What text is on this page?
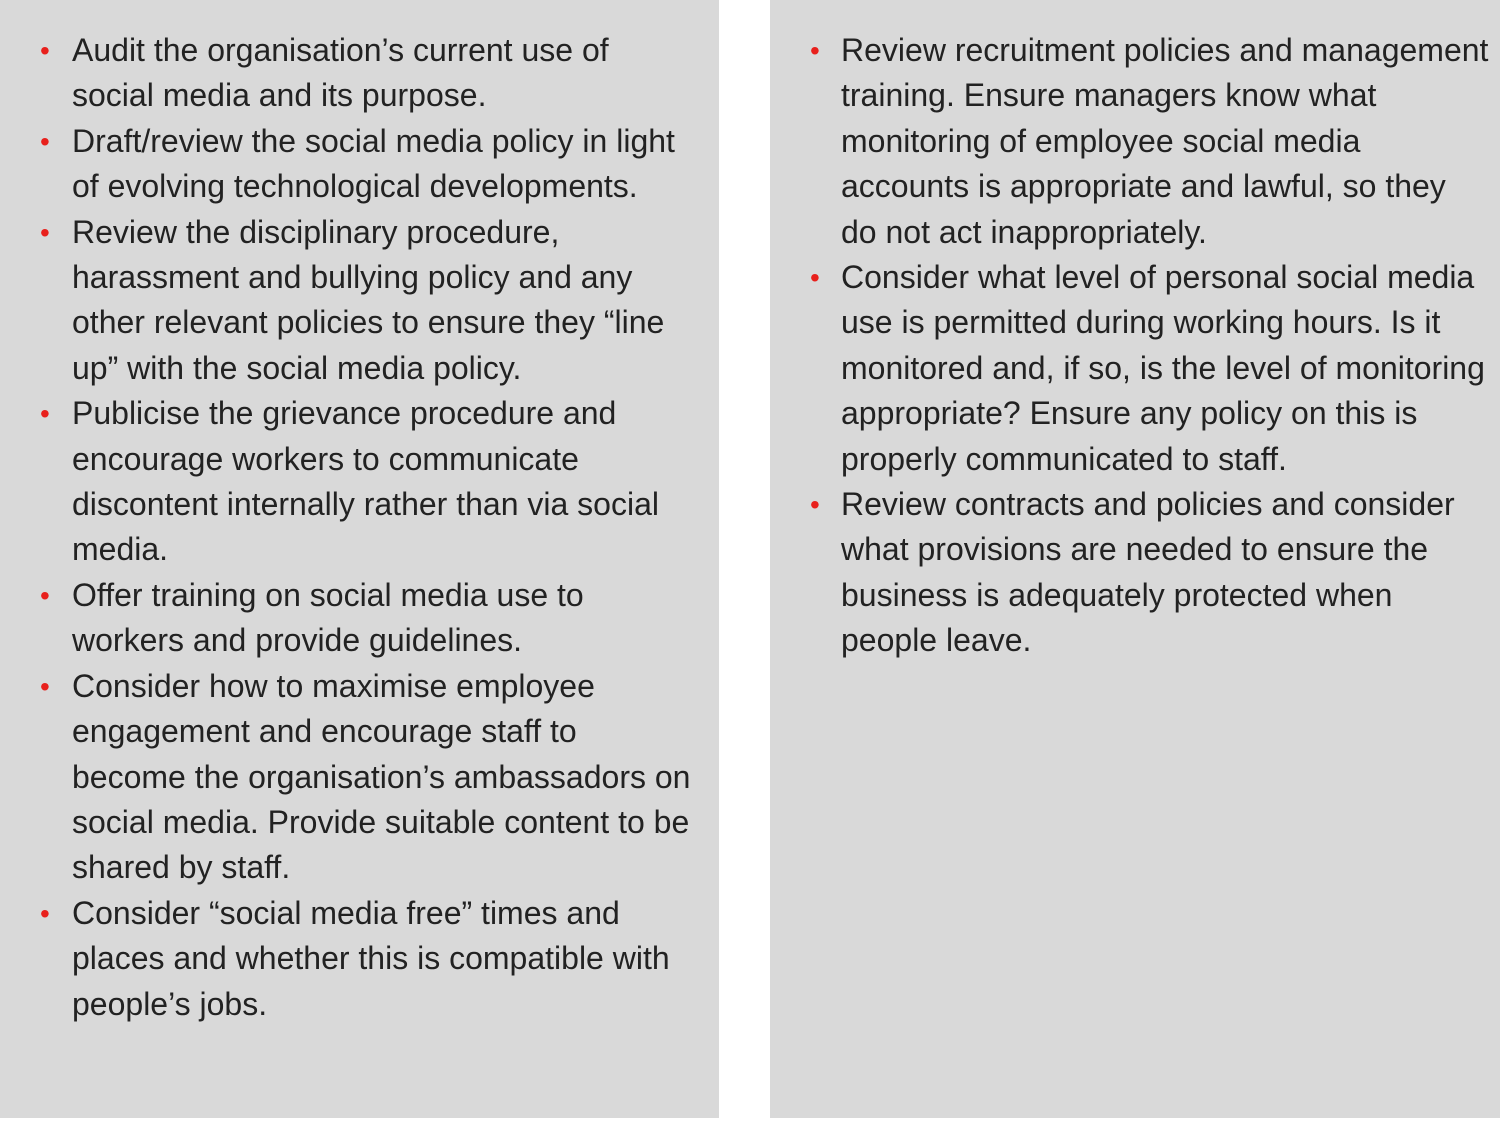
• Audit the organisation’s current use of social media and its purpose.
• Draft/review the social media policy in light of evolving technological developments.
• Review the disciplinary procedure, harassment and bullying policy and any other relevant policies to ensure they “line up” with the social media policy.
• Publicise the grievance procedure and encourage workers to communicate discontent internally rather than via social media.
• Offer training on social media use to workers and provide guidelines.
• Consider how to maximise employee engagement and encourage staff to become the organisation’s ambassadors on social media. Provide suitable content to be shared by staff.
• Consider “social media free” times and places and whether this is compatible with people’s jobs.
• Review recruitment policies and management training. Ensure managers know what monitoring of employee social media accounts is appropriate and lawful, so they do not act inappropriately.
• Consider what level of personal social media use is permitted during working hours. Is it monitored and, if so, is the level of monitoring appropriate? Ensure any policy on this is properly communicated to staff.
• Review contracts and policies and consider what provisions are needed to ensure the business is adequately protected when people leave.
